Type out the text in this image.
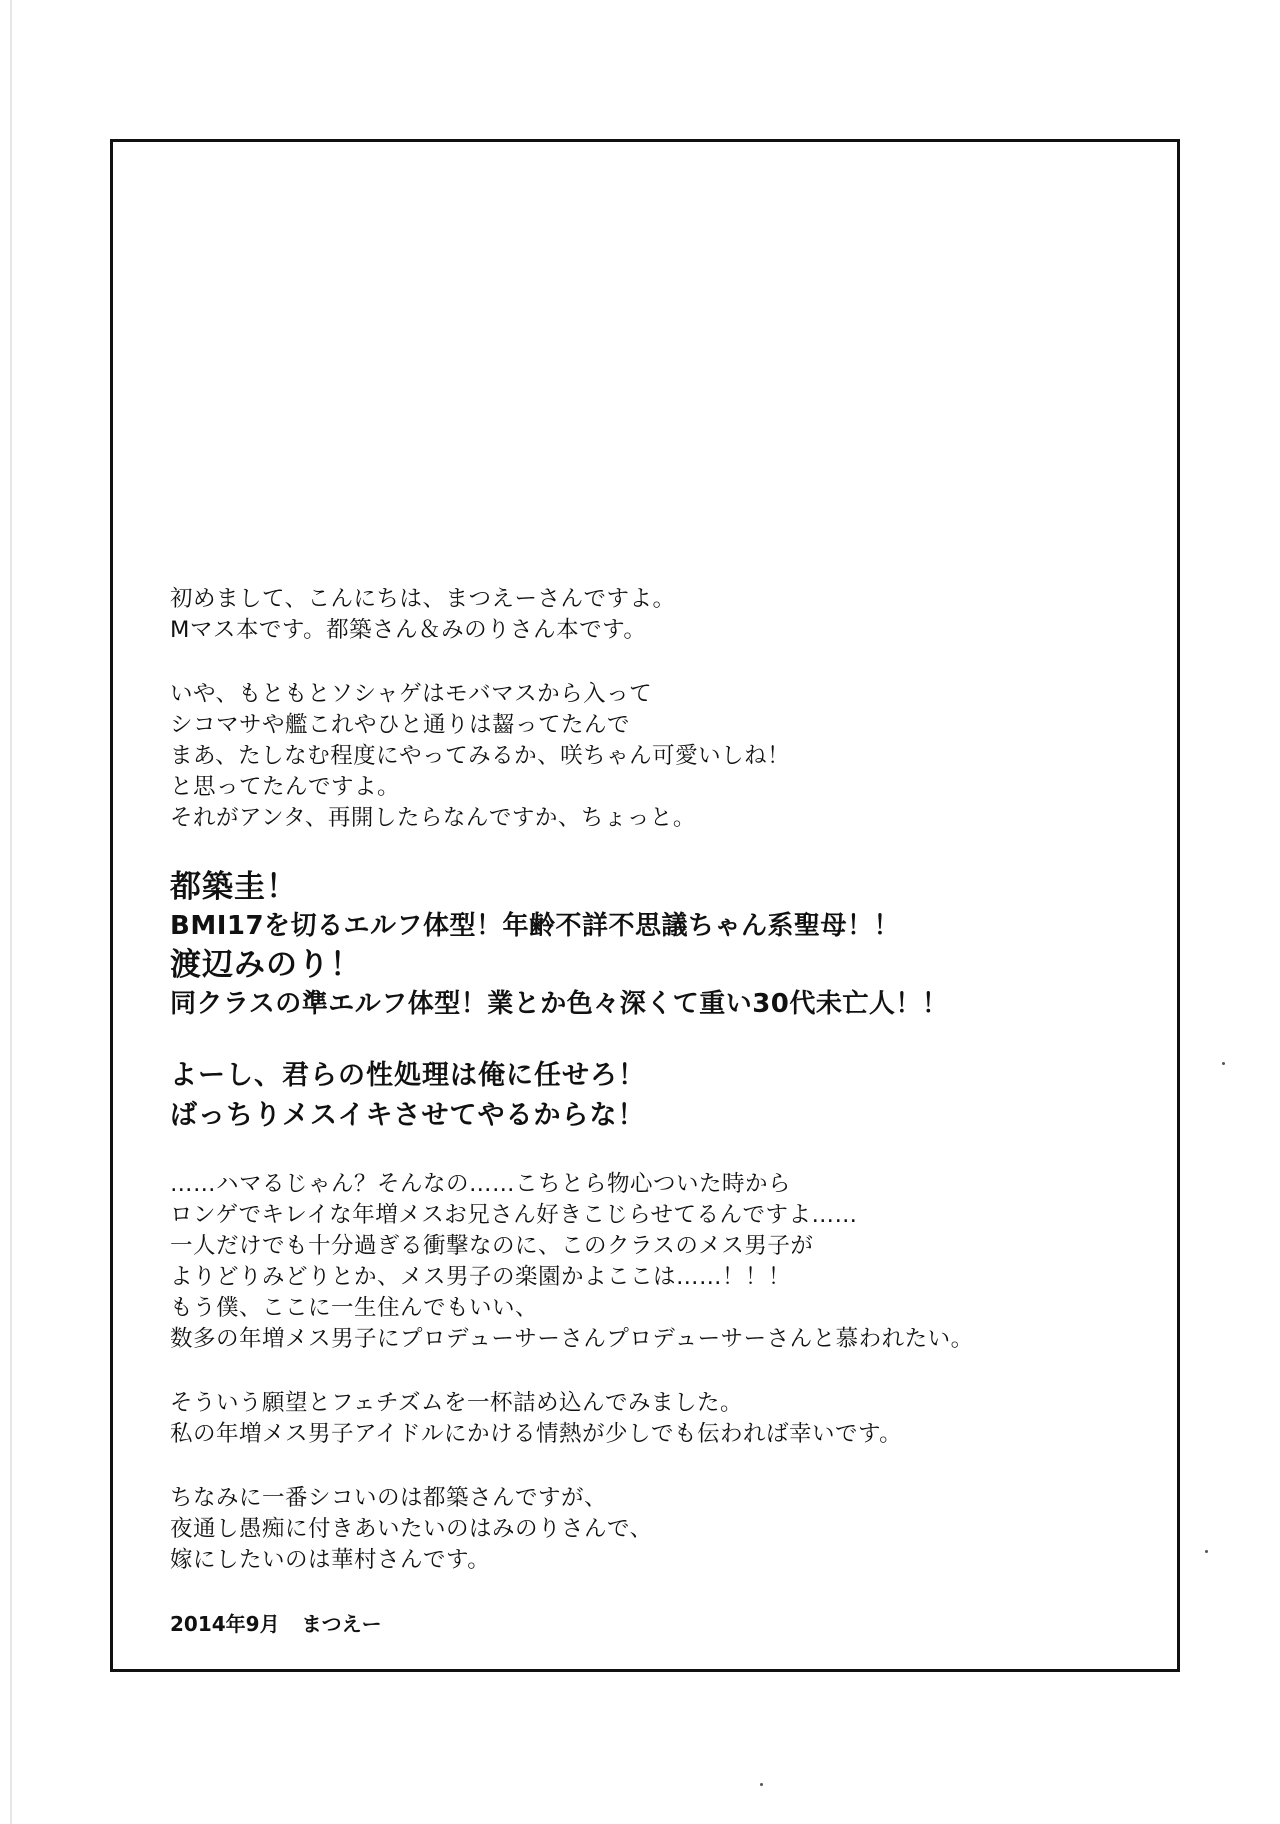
初めまして、こんにちは、まつえーさんですよ。
Mマス本です。都築さん＆みのりさん本です。
いや、もともとソシャゲはモバマスから入って
シコマサや艦これやひと通りは齧ってたんで
まあ、たしなむ程度にやってみるか、咲ちゃん可愛いしね！
と思ってたんですよ。
それがアンタ、再開したらなんですか、ちょっと。
都築圭！
BMI17を切るエルフ体型！年齢不詳不思議ちゃん系聖母！！
渡辺みのり！
同クラスの準エルフ体型！業とか色々深くて重い30代未亡人！！
よーし、君らの性処理は俺に任せろ！
ばっちりメスイキさせてやるからな！
……ハマるじゃん？そんなの……こちとら物心ついた時から
ロンゲでキレイな年増メスお兄さん好きこじらせてるんですよ……
一人だけでも十分過ぎる衝撃なのに、このクラスのメス男子が
よりどりみどりとか、メス男子の楽園かよここは……！！！
もう僕、ここに一生住んでもいい、
数多の年増メス男子にプロデューサーさんプロデューサーさんと慕われたい。
そういう願望とフェチズムを一杯詰め込んでみました。
私の年増メス男子アイドルにかける情熱が少しでも伝われば幸いです。
ちなみに一番シコいのは都築さんですが、
夜通し愚痴に付きあいたいのはみのりさんで、
嫁にしたいのは華村さんです。
2014年9月 まつえー
